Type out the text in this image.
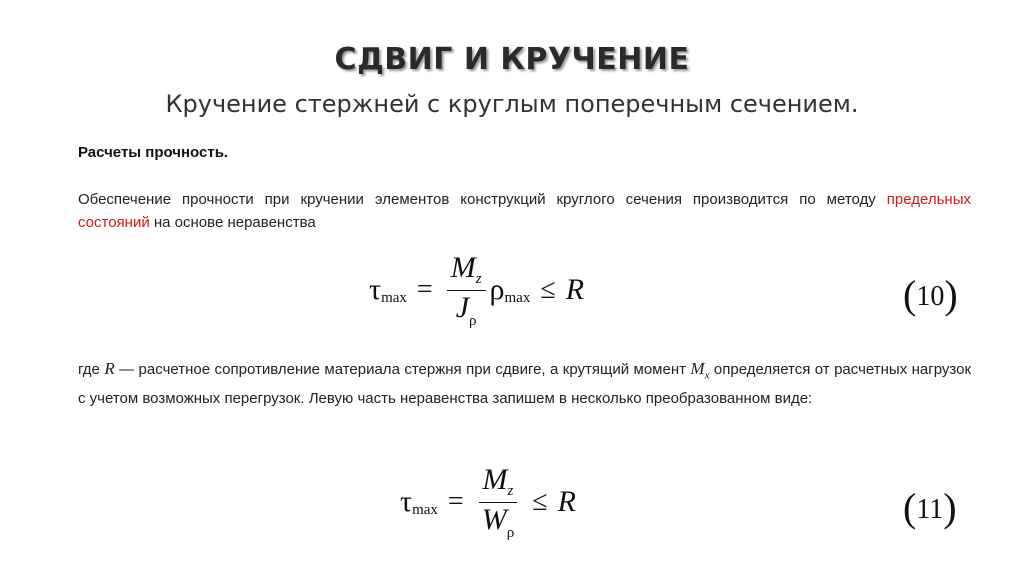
СДВИГ И КРУЧЕНИЕ
Кручение стержней с круглым поперечным сечением.
Расчеты прочность.
Обеспечение прочности при кручении элементов конструкций круглого сечения производится по методу предельных состояний на основе неравенства
τ $\max = \frac{M_z}{J_\rho}$ ρ max ≤ R	(10)
где R — расчетное сопротивление материала стержня при сдвиге, а крутящий момент $M_x$ определяется от расчетных нагрузок с учетом возможных перегрузок. Левую часть неравенства запишем в несколько преобразованном виде:
τ $\max = \frac{M_z}{W_\rho} \le R$	(11)
